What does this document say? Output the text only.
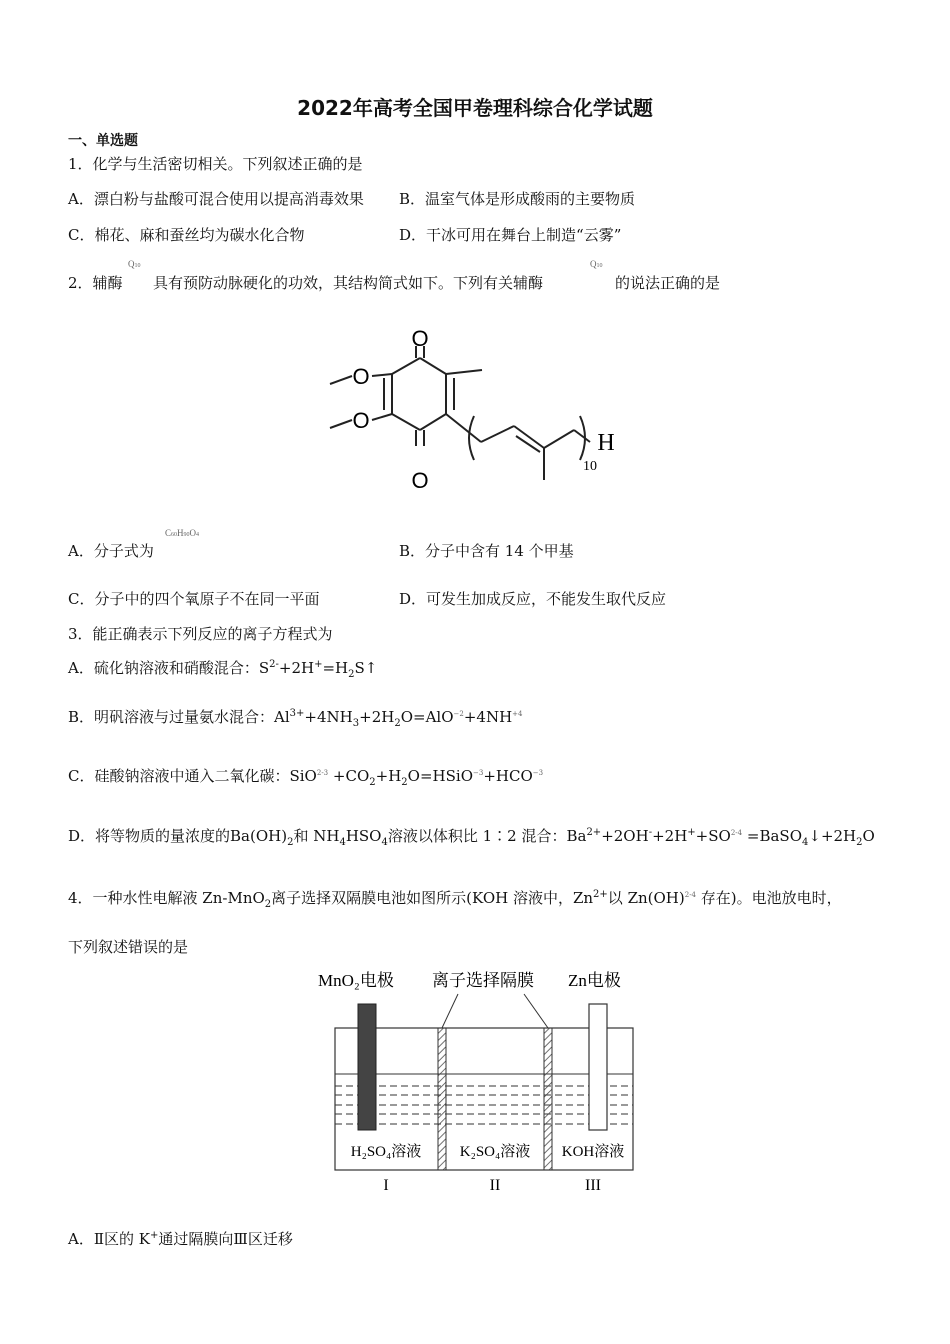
2022年高考全国甲卷理科综合化学试题
一、单选题
1．化学与生活密切相关。下列叙述正确的是
A．漂白粉与盐酸可混合使用以提高消毒效果 B．温室气体是形成酸雨的主要物质
C．棉花、麻和蚕丝均为碳水化合物	D．干冰可用在舞台上制造“云雾”
2．辅酶
Q10
具有预防动脉硬化的功效，其结构简式如下。下列有关辅酶
Q10
的说法正确的是
O
O
O
O
H
10
A．分子式为
C60H90O4
B．分子中含有 14 个甲基
C．分子中的四个氧原子不在同一平面	D．可发生加成反应，不能发生取代反应
3．能正确表示下列反应的离子方程式为
A．硫化钠溶液和硝酸混合：$S^{2-}+2H^+=H_2S↑$
B．明矾溶液与过量氨水混合：$Al^{3+}+4NH_3+2H_2O=AlO^{-2}+4NH^{+4}$
C．硅酸钠溶液中通入二氧化碳：$SiO^{2-3} +CO_2+H_2O=HSiO^{-3}+HCO^{-3}$
D．将等物质的量浓度的$Ba(OH)_2$和 $NH_4HSO_4$溶液以体积比 1∶2 混合：$Ba^{2+}+2OH^-+2H^++SO^{2-4}$ $=BaSO_4↓+2H_2O$
4．一种水性电解液 Zn-MnO$_2$离子选择双隔膜电池如图所示(KOH 溶液中，$Zn^{2+}$以 Zn(OH)$^{2-4}$ 存在)。电池放电时，
下列叙述错误的是
MnO₂电极 离子选择隔膜 Zn电极
H₂SO₄溶液	K₂SO₄溶液 KOH溶液
I	II	III
A．Ⅱ区的 K+通过隔膜向Ⅲ区迁移
